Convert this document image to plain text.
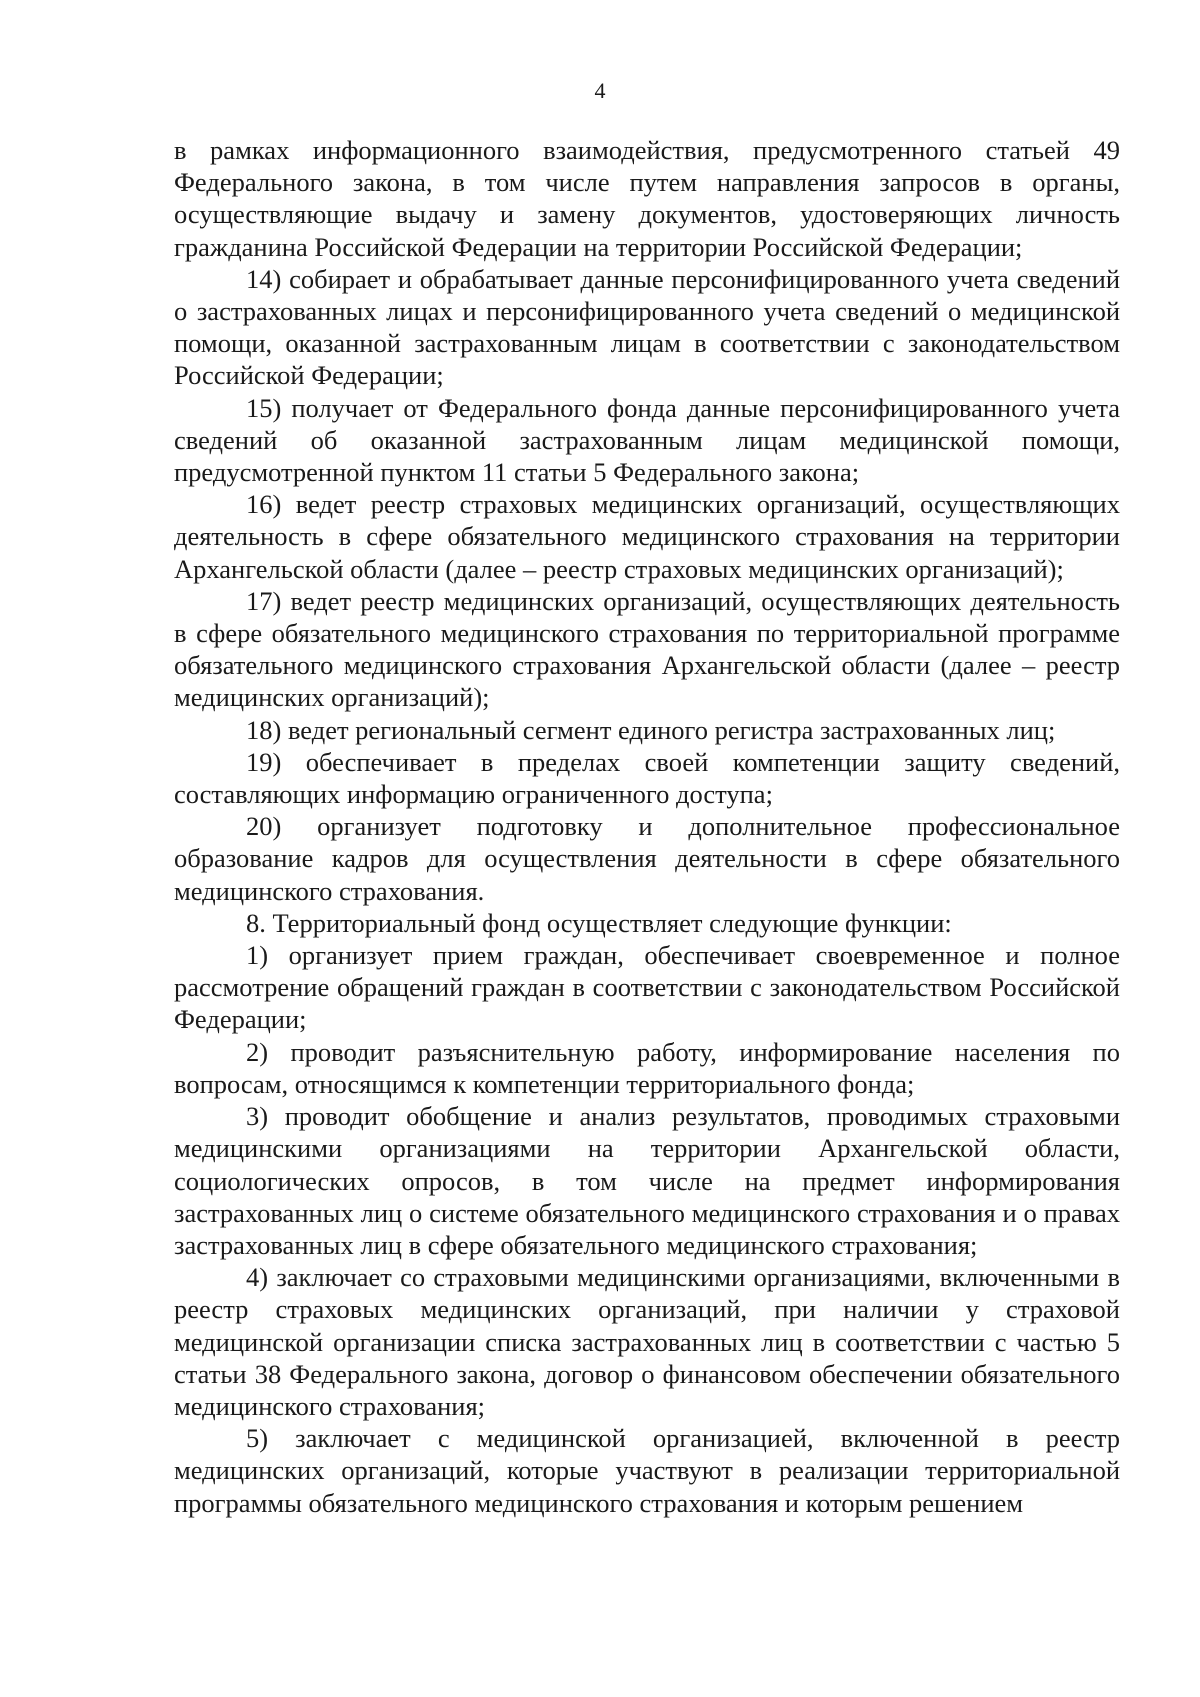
4

в рамках информационного взаимодействия, предусмотренного статьей 49 Федерального закона, в том числе путем направления запросов в органы, осуществляющие выдачу и замену документов, удостоверяющих личность гражданина Российской Федерации на территории Российской Федерации;

14) собирает и обрабатывает данные персонифицированного учета сведений о застрахованных лицах и персонифицированного учета сведений о медицинской помощи, оказанной застрахованным лицам в соответствии с законодательством Российской Федерации;

15) получает от Федерального фонда данные персонифицированного учета сведений об оказанной застрахованным лицам медицинской помощи, предусмотренной пунктом 11 статьи 5 Федерального закона;

16) ведет реестр страховых медицинских организаций, осуществляющих деятельность в сфере обязательного медицинского страхования на территории Архангельской области (далее – реестр страховых медицинских организаций);

17) ведет реестр медицинских организаций, осуществляющих деятельность в сфере обязательного медицинского страхования по территориальной программе обязательного медицинского страхования Архангельской области (далее – реестр медицинских организаций);

18) ведет региональный сегмент единого регистра застрахованных лиц;

19) обеспечивает в пределах своей компетенции защиту сведений, составляющих информацию ограниченного доступа;

20) организует подготовку и дополнительное профессиональное образование кадров для осуществления деятельности в сфере обязательного медицинского страхования.

8. Территориальный фонд осуществляет следующие функции:

1) организует прием граждан, обеспечивает своевременное и полное рассмотрение обращений граждан в соответствии с законодательством Российской Федерации;

2) проводит разъяснительную работу, информирование населения по вопросам, относящимся к компетенции территориального фонда;

3) проводит обобщение и анализ результатов, проводимых страховыми медицинскими организациями на территории Архангельской области, социологических опросов, в том числе на предмет информирования застрахованных лиц о системе обязательного медицинского страхования и о правах застрахованных лиц в сфере обязательного медицинского страхования;

4) заключает со страховыми медицинскими организациями, включенными в реестр страховых медицинских организаций, при наличии у страховой медицинской организации списка застрахованных лиц в соответствии с частью 5 статьи 38 Федерального закона, договор о финансовом обеспечении обязательного медицинского страхования;

5) заключает с медицинской организацией, включенной в реестр медицинских организаций, которые участвуют в реализации территориальной программы обязательного медицинского страхования и которым решением
